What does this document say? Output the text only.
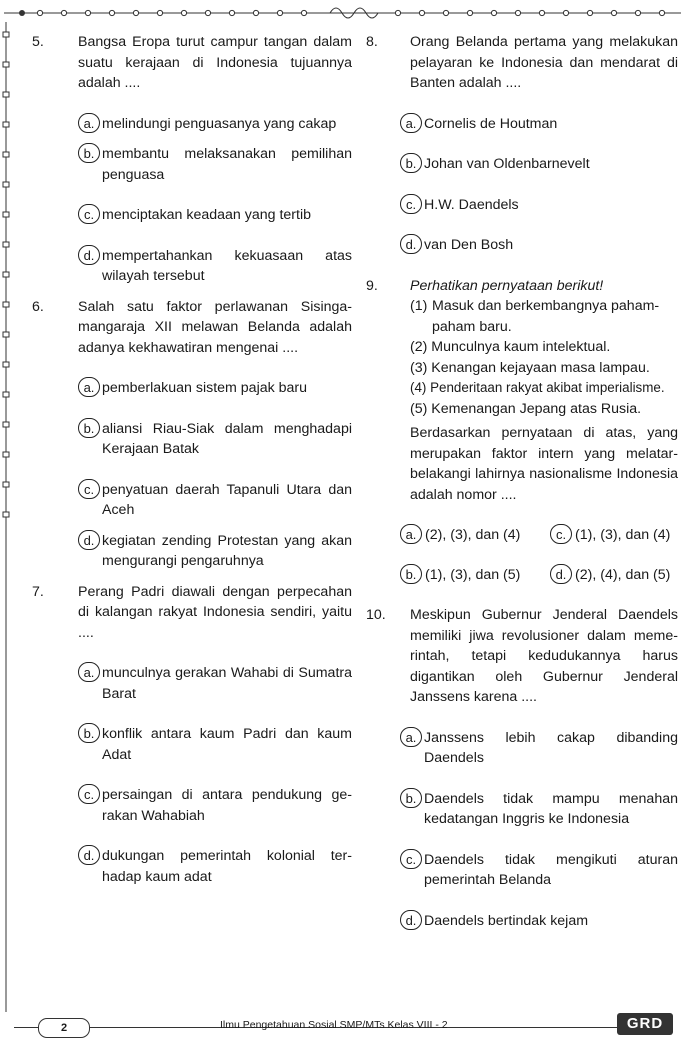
5. Bangsa Eropa turut campur tangan dalam suatu kerajaan di Indonesia tujuannya adalah ....
a. melindungi penguasanya yang cakap
b. membantu melaksanakan pemilihan penguasa
c. menciptakan keadaan yang tertib
d. mempertahankan kekuasaan atas wilayah tersebut
6. Salah satu faktor perlawanan Sisinga-mangaraja XII melawan Belanda adalah adanya kekhawatiran mengenai ....
a. pemberlakuan sistem pajak baru
b. aliansi Riau-Siak dalam menghadapi Kerajaan Batak
c. penyatuan daerah Tapanuli Utara dan Aceh
d. kegiatan zending Protestan yang akan mengurangi pengaruhnya
7. Perang Padri diawali dengan perpecahan di kalangan rakyat Indonesia sendiri, yaitu ....
a. munculnya gerakan Wahabi di Sumatra Barat
b. konflik antara kaum Padri dan kaum Adat
c. persaingan di antara pendukung ge-rakan Wahabiah
d. dukungan pemerintah kolonial ter-hadap kaum adat
8. Orang Belanda pertama yang melakukan pelayaran ke Indonesia dan mendarat di Banten adalah ....
a. Cornelis de Houtman
b. Johan van Oldenbarnevelt
c. H.W. Daendels
d. van Den Bosh
9. Perhatikan pernyataan berikut!
(1) Masuk dan berkembangnya paham-paham baru.
(2) Munculnya kaum intelektual.
(3) Kenangan kejayaan masa lampau.
(4) Penderitaan rakyat akibat imperialisme.
(5) Kemenangan Jepang atas Rusia.
Berdasarkan pernyataan di atas, yang merupakan faktor intern yang melatar-belakangi lahirnya nasionalisme Indonesia adalah nomor ....
a. (2), (3), dan (4)	c. (1), (3), dan (4)
b. (1), (3), dan (5)	d. (2), (4), dan (5)
10. Meskipun Gubernur Jenderal Daendels memiliki jiwa revolusioner dalam meme-rintah, tetapi kedudukannya harus digantikan oleh Gubernur Jenderal Janssens karena ....
a. Janssens lebih cakap dibanding Daendels
b. Daendels tidak mampu menahan kedatangan Inggris ke Indonesia
c. Daendels tidak mengikuti aturan pemerintah Belanda
d. Daendels bertindak kejam
2	Ilmu Pengetahuan Sosial SMP/MTs Kelas VIII - 2	GRD
